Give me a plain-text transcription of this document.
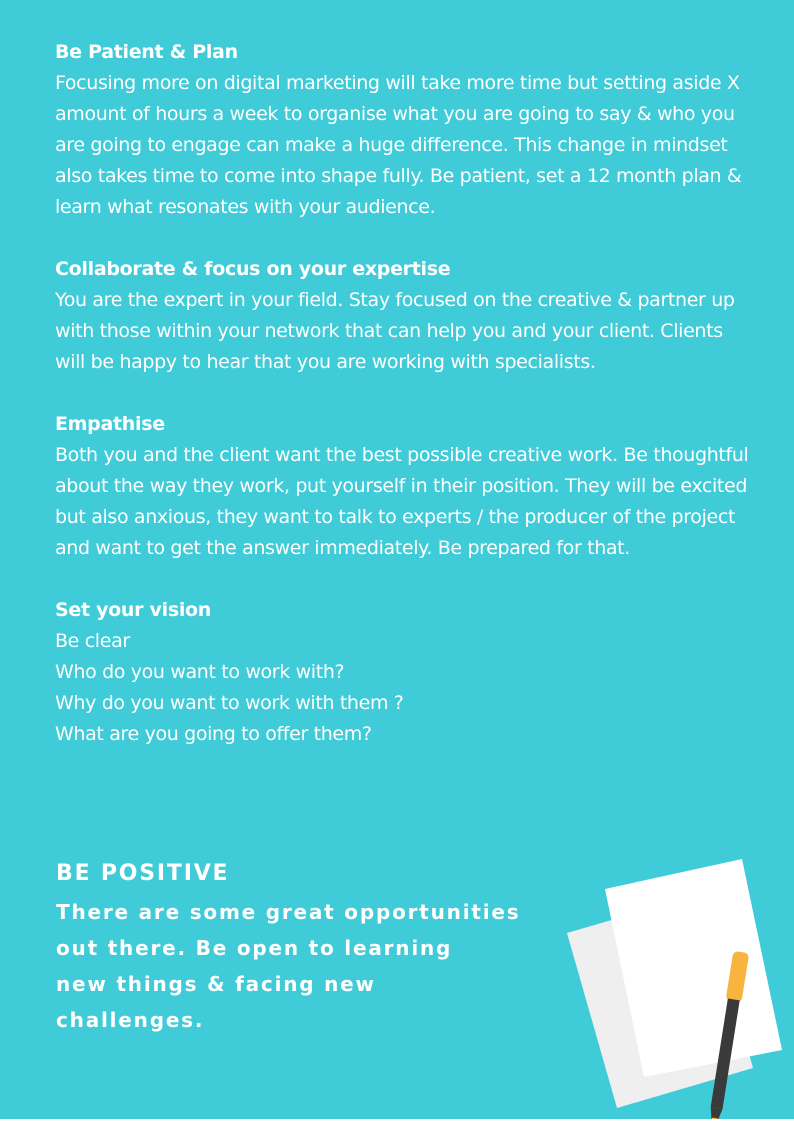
Be Patient & Plan

Focusing more on digital marketing will take more time but setting aside X amount of hours a week to organise what you are going to say & who you are going to engage can make a huge difference. This change in mindset also takes time to come into shape fully. Be patient, set a 12 month plan & learn what resonates with your audience.

Collaborate & focus on your expertise

You are the expert in your field. Stay focused on the creative & partner up with those within your network that can help you and your client. Clients will be happy to hear that you are working with specialists.

Empathise

Both you and the client want the best possible creative work. Be thoughtful about the way they work, put yourself in their position. They will be excited but also anxious, they want to talk to experts / the producer of the project and want to get the answer immediately. Be prepared for that.

Set your vision
Be clear
Who do you want to work with?
Why do you want to work with them ?
What are you going to offer them?
BE POSITIVE
There are some great opportunities
out there. Be open to learning
new things & facing new
challenges.
